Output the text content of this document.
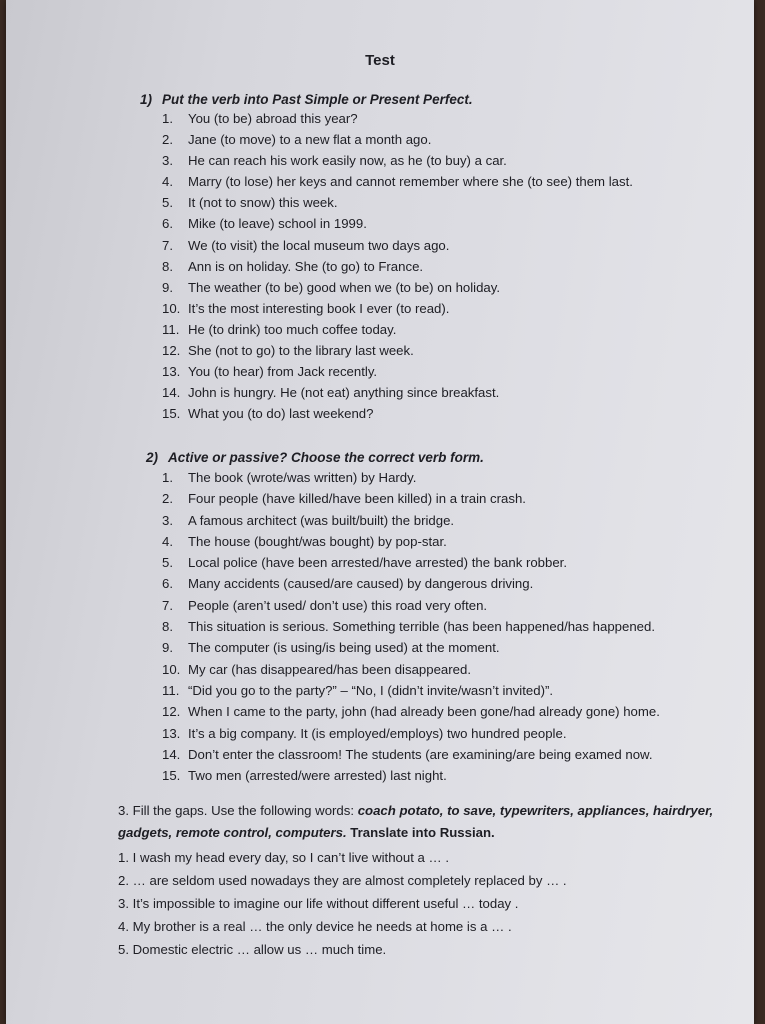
Test
1) Put the verb into Past Simple or Present Perfect.
1.	You (to be) abroad this year?
2.	Jane (to move) to a new flat a month ago.
3.	He can reach his work easily now, as he (to buy) a car.
4.	Marry (to lose) her keys and cannot remember where she (to see) them last.
5.	It (not to snow) this week.
6.	Mike (to leave) school in 1999.
7.	We (to visit) the local museum two days ago.
8.	Ann is on holiday. She (to go) to France.
9.	The weather (to be) good when we (to be) on holiday.
10. It’s the most interesting book I ever (to read).
11. He (to drink) too much coffee today.
12. She (not to go) to the library last week.
13. You (to hear) from Jack recently.
14. John is hungry. He (not eat) anything since breakfast.
15. What you (to do) last weekend?
2) Active or passive? Choose the correct verb form.
1.	The book (wrote/was written) by Hardy.
2.	Four people (have killed/have been killed) in a train crash.
3.	A famous architect (was built/built) the bridge.
4.	The house (bought/was bought) by pop-star.
5.	Local police (have been arrested/have arrested) the bank robber.
6.	Many accidents (caused/are caused) by dangerous driving.
7.	People (aren’t used/ don’t use) this road very often.
8.	This situation is serious. Something terrible (has been happened/has happened.
9.	The computer (is using/is being used) at the moment.
10. My car (has disappeared/has been disappeared.
11. “Did you go to the party?” – “No, I (didn’t invite/wasn’t invited)”.
12. When I came to the party, john (had already been gone/had already gone) home.
13. It’s a big company. It (is employed/employs) two hundred people.
14. Don’t enter the classroom! The students (are examining/are being examed now.
15. Two men (arrested/were arrested) last night.
3. Fill the gaps. Use the following words: coach potato, to save, typewriters, appliances, hairdryer, gadgets, remote control, computers. Translate into Russian.
1. I wash my head every day, so I can’t live without a … .
2. … are seldom used nowadays they are almost completely replaced by … .
3. It’s impossible to imagine our life without different useful … today .
4. My brother is a real … the only device he needs at home is a … .
5. Domestic electric … allow us … much time.
